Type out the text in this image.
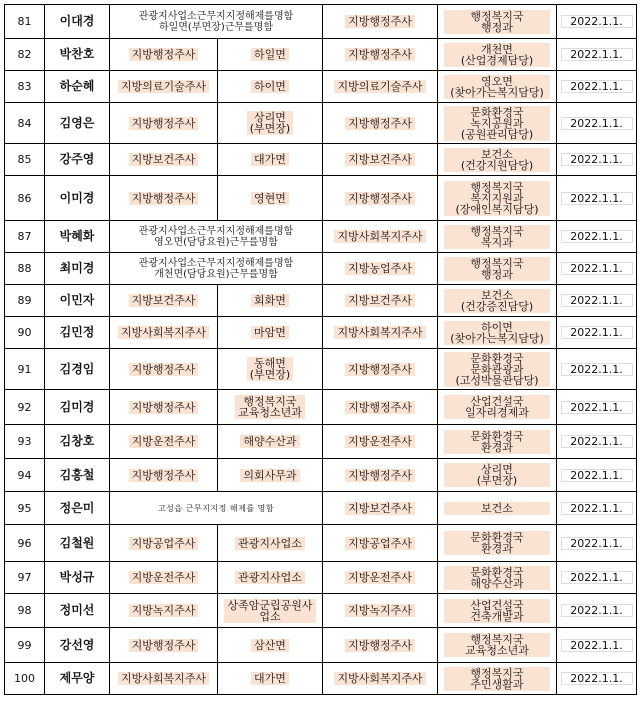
81	이대경	관광지사업소근무지지정해제를명함
하일면(부면장)근무를명함		지방행정주사	행정복지국
행정과	2022.1.1.
82	박찬호	지방행정주사	하일면	지방행정주사	개천면
(산업경제담당)	2022.1.1.
83	하순혜	지방의료기술주사	하이면	지방의료기술주사	영오면
(찾아가는복지담당)	2022.1.1.
84	김영은	지방행정주사	상리면
(부면장)	지방행정주사	문화환경국
녹지공원과
(공원관리담당)	2022.1.1.
85	강주영	지방보건주사	대가면	지방보건주사	보건소
(건강지원담당)	2022.1.1.
86	이미경	지방행정주사	영현면	지방행정주사	행정복지국
복지지원과
(장애인복지담당)	2022.1.1.
87	박혜화	관광지사업소근무지지정해제를명함
영오면(담당요원)근무를명함		지방사회복지주사	행정복지국
복지과	2022.1.1.
88	최미경	관광지사업소근무지지정해제를명함
개천면(담당요원)근무를명함		지방농업주사	행정복지국
행정과	2022.1.1.
89	이민자	지방보건주사	회화면	지방보건주사	보건소
(건강증진담당)	2022.1.1.
90	김민정	지방사회복지주사	마암면	지방사회복지주사	하이면
(찾아가는복지담당)	2022.1.1.
91	김경임	지방행정주사	동해면
(부면장)	지방행정주사	문화환경국
문화관광과
(고성박물관담당)	2022.1.1.
92	김미경	지방행정주사	행정복지국
교육청소년과	지방행정주사	산업건설국
일자리경제과	2022.1.1.
93	김창호	지방운전주사	해양수산과	지방운전주사	문화환경국
환경과	2022.1.1.
94	김홍철	지방행정주사	의회사무과	지방행정주사	상리면
(부면장)	2022.1.1.
95	정은미	고성읍 근무지지정 해제를 명함		지방보건주사	보건소	2022.1.1.
96	김철원	지방공업주사	관광지사업소	지방공업주사	문화환경국
환경과	2022.1.1.
97	박성규	지방운전주사	관광지사업소	지방운전주사	문화환경국
해양수산과	2022.1.1.
98	정미선	지방녹지주사	상족암군립공원사
업소	지방녹지주사	산업건설국
건축개발과	2022.1.1.
99	강선영	지방행정주사	삼산면	지방행정주사	행정복지국
교육청소년과	2022.1.1.
100	제무양	지방사회복지주사	대가면	지방사회복지주사	행정복지국
주민생활과	2022.1.1.
